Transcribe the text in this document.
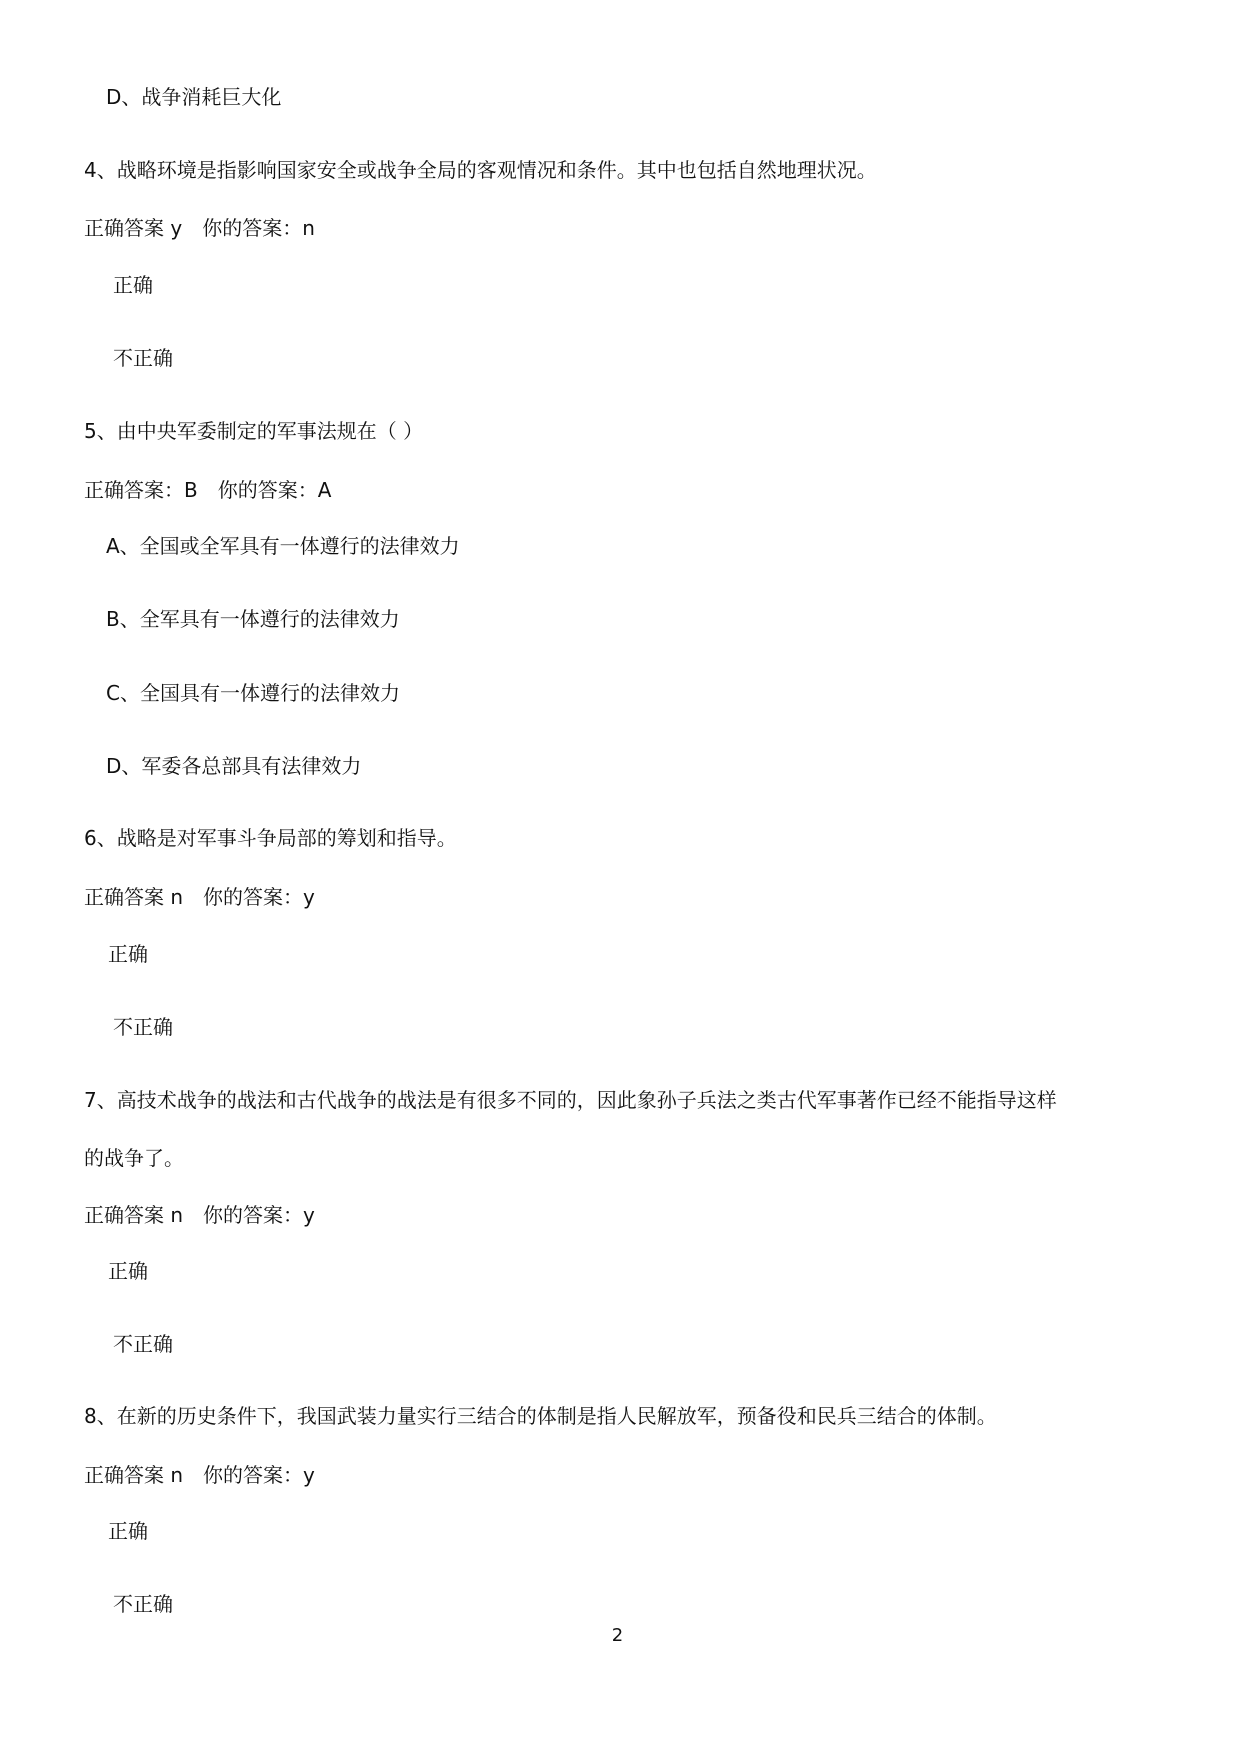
D、战争消耗巨大化
4、战略环境是指影响国家安全或战争全局的客观情况和条件。其中也包括自然地理状况。
正确答案 y　你的答案：n
正确
不正确
5、由中央军委制定的军事法规在（ ）
正确答案：B　你的答案：A
A、全国或全军具有一体遵行的法律效力
B、全军具有一体遵行的法律效力
C、全国具有一体遵行的法律效力
D、军委各总部具有法律效力
6、战略是对军事斗争局部的筹划和指导。
正确答案 n　你的答案：y
正确
不正确
7、高技术战争的战法和古代战争的战法是有很多不同的，因此象孙子兵法之类古代军事著作已经不能指导这样
的战争了。
正确答案 n　你的答案：y
正确
不正确
8、在新的历史条件下，我国武装力量实行三结合的体制是指人民解放军，预备役和民兵三结合的体制。
正确答案 n　你的答案：y
正确
不正确
2
